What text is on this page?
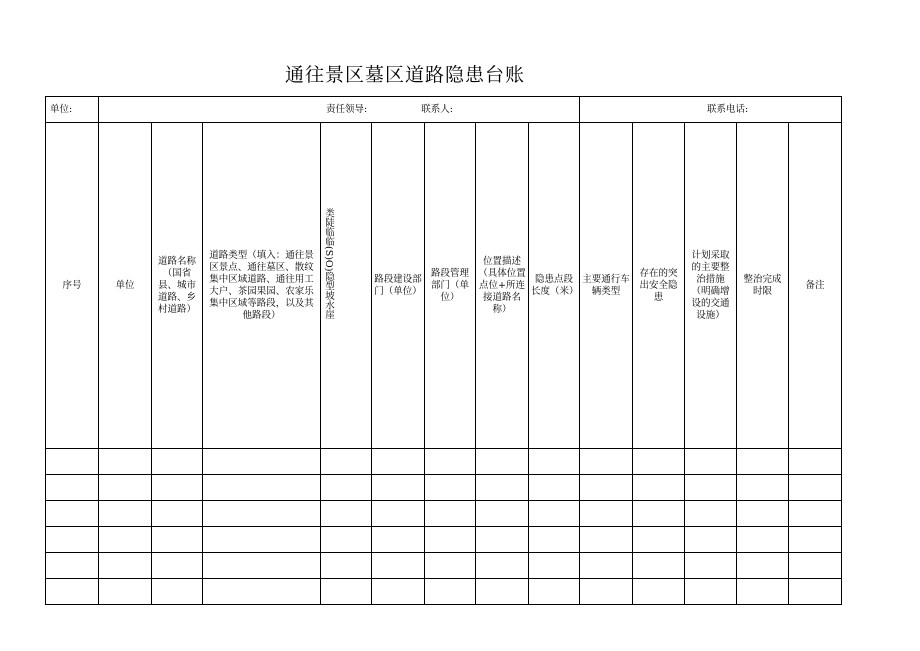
通往景区墓区道路隐患台账
单位:	责任领导: 联系人:								联系电话:				
序号	单位	道路名称（国省县、城市道路、乡村道路）	道路类型（填入：通往景区景点、通往墓区、散纹集中区域道路、通往用工大户、茶园果园、农家乐集中区域等路段，以及其他路段）	类陡临临(S)O)隐型坡水崖	路段建设部门（单位）	路段管理部门（单位）	位置描述（具体位置点位+所连接道路名称）	隐患点段长度（米）	主要通行车辆类型	存在的突出安全隐患	计划采取的主要整治措施（明确增设的交通设施）	整治完成时限	备注
